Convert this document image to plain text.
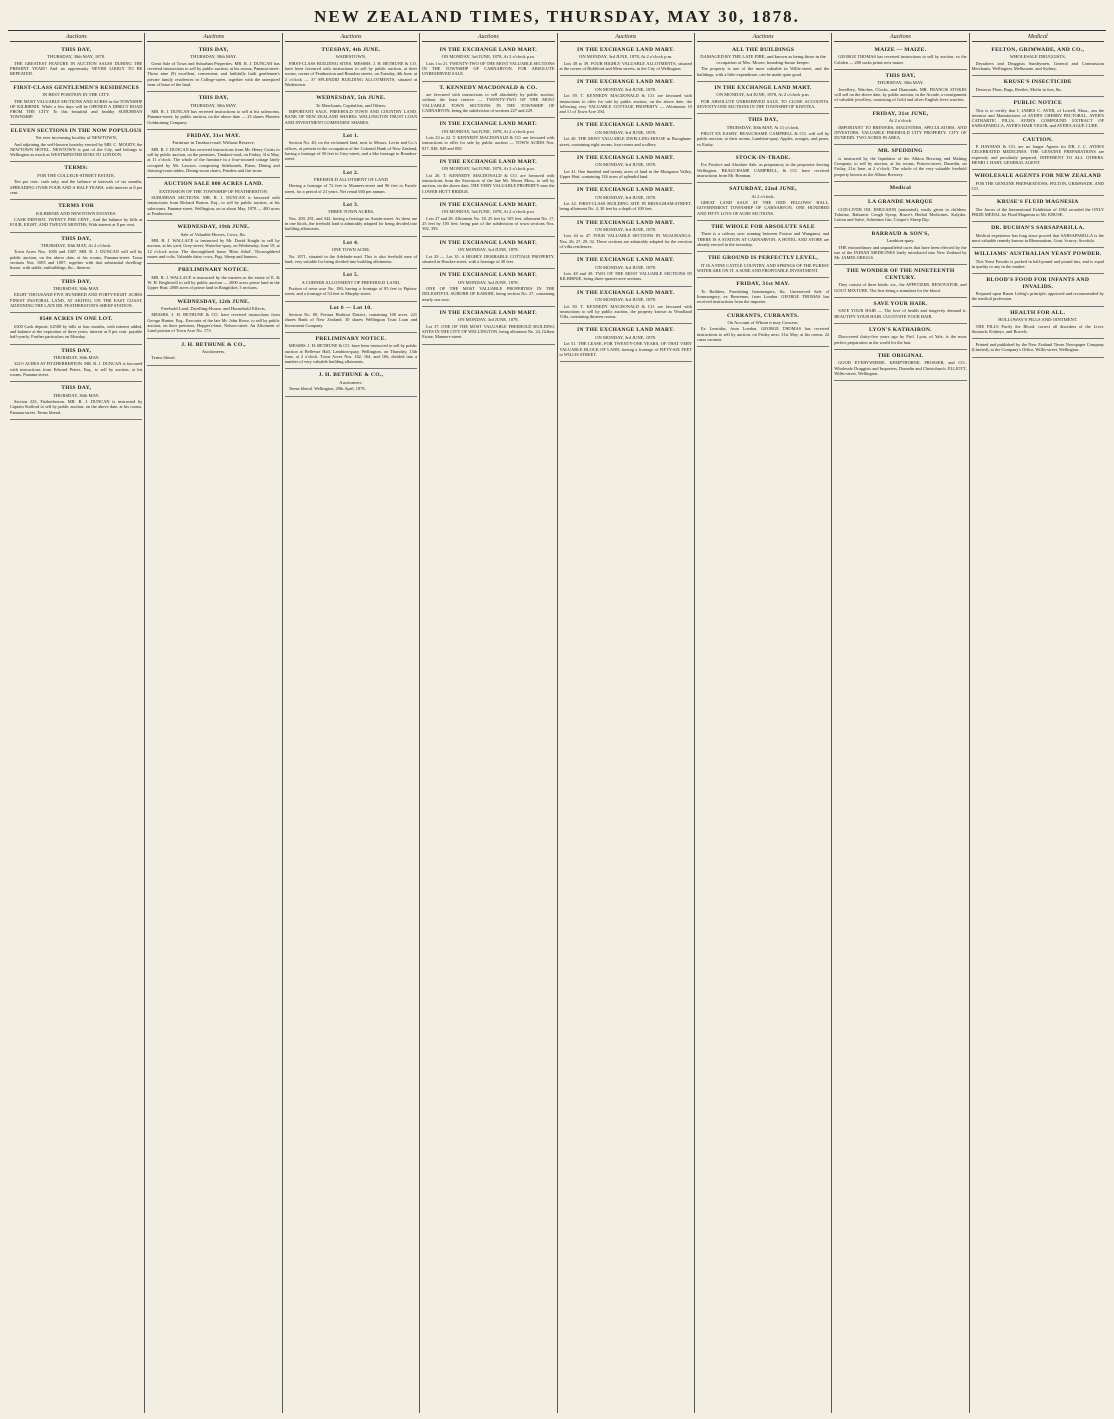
NEW ZEALAND TIMES, THURSDAY, MAY 30, 1878.
Auctions
THIS DAY,
THURSDAY, 30th MAY, 1878.

THE GREATEST FEATURE IN AUCTION SALES DURING THE PRESENT YEAR!! And an opportunity NEVER LIKELY TO BE REPEATED.

FIRST-CLASS GENTLEMEN'S RESIDENCES
IN BEST POSITION IN THE CITY.

THE MOST VALUABLE SECTIONS AND ACRES in the TOWNSHIP OF KILBIRNIE. While a few days will be OPENED A DIRECT ROAD FROM THE CITY To this beautiful and healthy SUBURBAN TOWNSHIP.

ELEVEN SECTIONS IN THE NOW POPULOUS
Yet ever increasing locality of NEWTOWN,

And adjoining the well-known hostelry erected by MR. C. MOODY, the NEWTOWN HOTEL. NEWTOWN is part of the City, and belongs to Wellington as much as WESTMINSTER DOES TO LONDON.

TERMS:
FOR THE COLLEGE-STREET ESTATE,

Ten per cent. cash only, and the balance at intervals of six months, SPREADING OVER FOUR AND A HALF YEARS, with interest at 8 per cent.

TERMS FOR
KILBIRNIE AND NEWTOWN ESTATES:

CASH DEPOSIT, TWENTY PER CENT., And the balance by bills at FOUR, EIGHT, AND TWELVE MONTHS, With interest at 8 per cent.

THIS DAY,
THURSDAY, 30th MAY, At 2 o'clock.

Town Acres Nos. 1005 and 1007. MR. R. J. DUNCAN will sell by public auction, on the above date, at his rooms, Panama-street. Town sections Nos. 1005 and 1007, together with that substantial dwelling-house, with stable, outbuildings, &c., thereon.

THIS DAY,
THURSDAY, 30th MAY.

EIGHT THOUSAND FIVE HUNDRED AND FORTY-EIGHT ACRES FINEST PASTORAL LAND, AT AKITEO, ON THE EAST COAST, ADJOINING THE LATE DR. FEATHERSTON'S SHEEP STATION.

8548 ACRES IN ONE LOT.

£500 Cash deposit; £2500 by bills at four months, with interest added, and balance at the expiration of three years; interest at 8 per cent. payable half-yearly. Further particulars on Monday.

THIS DAY,
THURSDAY, 30th MAY.

322½ ACRES AT FITZHERBERTON. MR. R. J. DUNCAN is favoured with instructions from Edward Peters, Esq., to sell by auction, at his rooms, Panama-street.

THIS DAY,
THURSDAY, 30th MAY.

Section 223, Fitzherberton. MR. R. J. DUNCAN is instructed by Captain Stafford to sell by public auction, on the above date, at his rooms, Panama-street. Terms liberal.

Auctions
THIS DAY,
THURSDAY, 30th MAY.

Great Sale of Town and Suburban Properties. MR. R. J. DUNCAN has received instructions to sell by public auction, at his rooms, Panama-street. Those nine (9) excellent, convenient, and faithfully built gentlemen's private family residences in College-street, together with the unexpired term of lease of the land.

THIS DAY,
THURSDAY, 30th MAY.

MR. R. J. DUNCAN has received instructions to sell at his salerooms, Panama-street, by public auction, on the above date — 23 shares Phoenix Goldmining Company.

FRIDAY, 31st MAY.
Furniture in Tinakori-road. Without Reserve.

MR. R. J. DUNCAN has received instructions from Mr. Henry Curtis to sell by public auction, on the premises, Tinakori-road, on Friday, 31st May, at 11 o'clock. The whole of the furniture in a four-roomed cottage lately occupied by Mr. Lawson, comprising Sideboards, Piano, Dining and drawing-room tables, Dining-room chairs, Fenders and fire-irons.

AUCTION SALE 800 ACRES LAND.
EXTENSION OF THE TOWNSHIP OF FEATHERSTON.

SUBURBAN SECTIONS. MR. R. J. DUNCAN is favoured with instructions from Richard Barton, Esq., to sell by public auction, at his salerooms, Panama-street, Wellington, on or about May, 1878 — 400 acres at Featherston.

WEDNESDAY, 19th JUNE.
Sale of Valuable Horses, Cows, &c.

MR. R. J. WALLACE is instructed by Mr. David Knight to sell by auction, at his yard, Grey-street, Waterloo-quay, on Wednesday, June 19, at 12 o'clock noon. The thoroughbred horse 'Blair Athol', Thoroughbred mares and colts, Valuable dairy cows, Pigs, Sheep and harness.

PRELIMINARY NOTICE.

MR. R. J. WALLACE is instructed by the trustees in the estate of E. & W. H. Brightwell to sell by public auction — 2000 acres prime land in the Upper Hutt; 2000 acres of prime land in Rangitikei; 3 sections.

WEDNESDAY, 12th JUNE.
Freehold Land, Dwelling-House, and Household Effects.

MESSRS. J. H. BETHUNE & CO. have received instructions from George Hunter, Esq., Executor of the late Mr. John Howe, to sell by public auction, on their premises, Hopper's-lane, Nelson-street. An Allotment of Land portion of Town Acre No. 173.

J. H. BETHUNE & CO.,
Auctioneers.

Terms liberal.

Auctions
TUESDAY, 4th JUNE.
WADESTOWN.

FIRST-CLASS BUILDING SITES. MESSRS. J. H. BETHUNE & CO. have been favoured with instructions to sell by public auction, at their rooms, corner of Featherston and Brandon streets, on Tuesday, 4th June, at 2 o'clock — 37 SPLENDID BUILDING ALLOTMENTS, situated at Wadestown.

WEDNESDAY, 5th JUNE.
To Merchants, Capitalists, and Others.

IMPORTANT SALE. FREEHOLD TOWN AND COUNTRY LAND. BANK OF NEW ZEALAND SHARES. WELLINGTON TRUST LOAN AND INVESTMENT COMPANIES' SHARES.

Lot 1.

Section No. 40, on the reclaimed land, next to Messrs. Levin and Co.'s offices, at present in the occupation of the Colonial Bank of New Zealand, having a frontage of 50 feet to Grey-street, and a like frontage to Brandon-street.

Lot 2.
FREEHOLD ALLOTMENT OF LAND

Having a frontage of 72 feet to Manners-street and 96 feet to Farish-street, for a period of 21 years. Net rental £60 per annum.

Lot 3.
THREE TOWN ACRES,

Nos. 290, 291, and 342, having a frontage on Austin-street. As these are in one block, the freehold land is admirably adapted for being divided into building allotments.

Lot 4.
ONE TOWN ACRE,

No. 1071, situated in the Adelaide-road. This is also freehold ease of land, very suitable for being divided into building allotments.

Lot 5.
A CORNER ALLOTMENT OF FREEHOLD LAND,

Portion of town acre No. 180, having a frontage of 85 feet to Pipitea-street, and a frontage of 54 feet to Murphy-street.

Lot 6 — Lot 10.

Section No. 80, Porirua Harbour District, containing 100 acres. 221 shares Bank of New Zealand. 30 shares Wellington Trust Loan and Investment Company.

PRELIMINARY NOTICE.

MESSRS. J. H. BETHUNE & CO. have been instructed to sell by public auction at Bellevue Hall, Lambton-quay, Wellington, on Thursday, 13th June, at 2 o'clock. Town Acres Nos. 162, 164, and 166, divided into a number of very valuable building allotments.

J. H. BETHUNE & CO.,
Auctioneers.

Terms liberal. Wellington, 29th April, 1878.

Auctions
IN THE EXCHANGE LAND MART.
ON MONDAY, 3rd JUNE, 1878, At 2 o'clock p.m.

Lots 1 to 21. TWENTY-TWO OF THE MOST VALUABLE SECTIONS IN THE TOWNSHIP OF CARNARVON. FOR ABSOLUTE UNRESERVED SALE.

T. KENNEDY MACDONALD & CO.

are favoured with instructions to sell absolutely by public auction, without the least reserve — TWENTY-TWO OF THE MOST VALUABLE TOWN SECTIONS IN THE TOWNSHIP OF CARNARVON, being the subdivision of sections 227 and 229.

IN THE EXCHANGE LAND MART.
ON MONDAY, 3rd JUNE, 1878, At 2 o'clock p.m.

Lots 23 to 22. T. KENNEDY MACDONALD & CO. are favoured with instructions to offer for sale by public auction — TOWN ACRES Nos. 817, 848, 849 and 850.

IN THE EXCHANGE LAND MART.
ON MONDAY, 3rd JUNE, 1878, At 2 o'clock p.m.

Lot 26. T. KENNEDY MACDONALD & CO. are favoured with instructions from the Executors of the late Mr. Moses Moss, to sell by auction, on the above date, THE VERY VALUABLE PROPERTY near the LOWER HUTT BRIDGE.

IN THE EXCHANGE LAND MART.
ON MONDAY, 3rd JUNE, 1878, At 2 o'clock p.m.

Lots 27 and 28. Allotment No. 18, 25 feet by 105 feet; allotment No. 17, 25 feet by 105 feet; being part of the subdivision of town sections Nos. 392, 393.

IN THE EXCHANGE LAND MART.
ON MONDAY, 3rd JUNE, 1878.

Lot 29 — Lot 35. A HIGHLY DESIRABLE COTTAGE PROPERTY, situated in Hawker-street, with a frontage of 40 feet.

IN THE EXCHANGE LAND MART.
ON MONDAY, 3rd JUNE, 1878.

ONE OF THE MOST VALUABLE PROPERTIES IN THE DELIGHTFUL SUBURB OF KAROBI, being section No. 27, containing nearly one acre.

IN THE EXCHANGE LAND MART.
ON MONDAY, 3rd JUNE, 1878.

Lot 37. ONE OF THE MOST VALUABLE FREEHOLD BUILDING SITES IN THE CITY OF WELLINGTON, being allotment No. 24, Gilbert Estate, Manners-street.

Auctions
IN THE EXCHANGE LAND MART.
ON MONDAY, 3rd JUNE, 1878, At 2 o'clock p.m.

Lots 38 to 39. FOUR HIGHLY VALUABLE ALLOTMENTS, situated at the corner of Riddiford and Mein streets, in the City of Wellington.

IN THE EXCHANGE LAND MART.
ON MONDAY, 3rd JUNE, 1878.

Lot 39. T. KENNEDY MACDONALD & CO. are favoured with instructions to offer for sale by public auction, on the above date, the following very VALUABLE COTTAGE PROPERTY — Allotments 10 and 11 of Town Acre 294.

IN THE EXCHANGE LAND MART.
ON MONDAY, 3rd JUNE, 1878.

Lot 40. THE MOST VALUABLE DWELLING-HOUSE in Brougham-street, containing eight rooms, four rooms and scullery.

IN THE EXCHANGE LAND MART.
ON MONDAY, 3rd JUNE, 1878.

Lot 41. One hundred and twenty acres of land in the Mungaroa Valley, Upper Hutt, containing 126 acres of splendid land.

IN THE EXCHANGE LAND MART.
ON MONDAY, 3rd JUNE, 1878.

Lot 42. FIRST-CLASS BUILDING SITE IN BROUGHAM-STREET, being allotment No. 4, 30 feet by a depth of 100 feet.

IN THE EXCHANGE LAND MART.
ON MONDAY, 3rd JUNE, 1878.

Lots 44 to 47. FOUR VALUABLE SECTIONS IN NGAURANGA. Nos. 26, 27, 29, 32. These sections are admirably adapted for the erection of villa residences.

IN THE EXCHANGE LAND MART.
ON MONDAY, 3rd JUNE, 1878.

Lots 48 and 49. TWO OF THE MOST VALUABLE SECTIONS IN KILBIRNIE, being three-quarter-acre sections.

IN THE EXCHANGE LAND MART.
ON MONDAY, 3rd JUNE, 1878.

Lot 50. T. KENNEDY MACDONALD & CO. are favoured with instructions to sell by public auction, the property known as Woodland Villa, containing thirteen rooms.

IN THE EXCHANGE LAND MART.
ON MONDAY, 3rd JUNE, 1878.

Lot 51. THE LEASE, FOR TWENTY-ONE YEARS, OF THAT VERY VALUABLE BLOCK OF LAND, having a frontage of FIFTY-SIX FEET to WILLIS STREET.

Auctions
ALL THE BUILDINGS
DAMAGED BY THE LATE FIRE, and known as being those in the occupation of Mrs. Moore, boarding-house keeper.

The property is one of the most valuable in Willis-street, and the buildings, with a little expenditure, can be made quite good.

IN THE EXCHANGE LAND MART.
ON MONDAY, 3rd JUNE, 1878, At 2 o'clock p.m.

FOR ABSOLUTE UNRESERVED SALE. TO CLOSE ACCOUNTS. SEVENTY-ONE SECTIONS IN THE TOWNSHIP OF KIWITEA.

THIS DAY,
THURSDAY, 30th MAY, At 11 o'clock.

FRUIT EX EASBY. BEAUCHAMP, CAMPBELL & CO. will sell by public auction, at their rooms, Lambton-quay, Apples, oranges, and pears, ex Easby.

STOCK-IN-TRADE.

For Positive and Absolute Sale, as preparatory to the proprietor leaving Wellington. BEAUCHAMP, CAMPBELL, & CO. have received instructions from Mr. Brennan.

SATURDAY, 22nd JUNE,
At 2 o'clock.

GREAT LAND SALE AT THE ODD FELLOWS' HALL. GOVERNMENT TOWNSHIP OF CARNARVON. ONE HUNDRED AND FIFTY LOTS OF ACRE SECTIONS.

THE WHOLE FOR ABSOLUTE SALE

There is a railway now running between Foxton and Wanganui, and THERE IS A STATION AT CARNARVON. A HOTEL AND STORE are already erected in the township.

THE GROUND IS PERFECTLY LEVEL,

IT IS A FINE CATTLE COUNTRY, AND SPRINGS OF THE PUREST WATER ARE ON IT. A SURE AND PROFITABLE INVESTMENT.

FRIDAY, 31st MAY.

To Builders, Furnishing Ironmongers, &c. Unreserved Sale of Ironmongery, ex Benvenue, from London. GEORGE THOMAS has received instructions from the importer.

CURRANTS, CURRANTS.
On Account of Whom it may Concern.

Ex Leonidas, from London. GEORGE THOMAS has received instructions to sell by auction, on Friday next, 31st May, at his rooms, 22 cases currants.

Auctions
MAIZE — MAIZE.

GEORGE THOMAS has received instructions to sell by auction, ex the Cobden — 200 sacks prime new maize.

THIS DAY,
THURSDAY, 30th MAY.

Jewellery, Watches, Clocks, and Diamonds. MR. FRANCIS STOKES will sell on the above date, by public auction, in the Arcade, a consignment of valuable jewellery, consisting of Gold and silver English lever watches.

FRIDAY, 31st JUNE,
At 2 o'clock.

IMPORTANT TO BREWERS, MALTSTERS, SPECULATORS, AND INVESTORS. VALUABLE FREEHOLD CITY PROPERTY. CITY OF DUNEDIN. TWO ACRES IN AREA.

MR. SPEDDING

is instructed by the liquidator of the Albion Brewing and Malting Company, to sell by auction, at his rooms, Princes-street, Dunedin, on Friday, 21st June, at 2 o'clock. The whole of the very valuable freehold property known as the Albion Brewery.

Medical

LA GRANDE MARQUE

COD-LIVER OIL EMULSION (untainted), easily given to children. Tolutine, Balsamic Cough Syrup, Bruce's Herbal Medicines, Kalydor, Lotion and Salve, Schiedam Gin, Cooper's Sheep Dip.

BARRAUD & SON'S,
Lambton-quay.

THE extraordinary and unparalleled cures that have been effected by the use of the INDIAN MEDICINES lately introduced into New Zealand by Mr. JAMES GRIGGS.

THE WONDER OF THE NINETEENTH CENTURY.

They consist of three kinds, viz., the APPETIZER, RENOVATOR, and GOUT MIXTURE. The first being a stimulant for the blood.

SAVE YOUR HAIR.

SAVE YOUR HAIR — The love of health and longevity demand it. BEAUTIFY YOUR HAIR. CULTIVATE YOUR HAIR.

LYON'S KATHAIRON.

Discovered thirty-five years ago by Prof. Lyon, of Yale, is the most perfect preparation in the world for the hair.

THE ORIGINAL

GOOD EVERYWHERE. KEMPTHORNE, PROSSER, and CO., Wholesale Druggists and Importers, Dunedin and Christchurch. ELLIOTT, Willis-street, Wellington.

Medical
FELTON, GRIMWADE, AND CO.,
WHOLESALE DRUGGISTS,

Drysalters and Druggists Sundrymen, General and Commission Merchants, Wellington, Melbourne, and Sydney.

KRUSE'S INSECTICIDE

Destroys Fleas, Bugs, Beetles, Moths in furs, &c.

PUBLIC NOTICE

This is to certify that I, JAMES C. AYER, of Lowell, Mass., am the inventor and Manufacturer of AYER'S CHERRY PECTORAL, AYER'S CATHARTIC PILLS, AYER'S COMPOUND EXTRACT OF SARSAPARILLA, AYER'S HAIR VIGOR, and AYER'S AGUE CURE.

CAUTION.

P. HAYMAN & CO. are no longer Agents for DR. J. C. AYER'S CELEBRATED MEDICINES. THE GENUINE PREPARATIONS are expressly and peculiarly prepared, DIFFERENT TO ALL OTHERS. HENRI J. HART, GENERAL AGENT.

WHOLESALE AGENTS FOR NEW ZEALAND

FOR THE GENUINE PREPARATIONS, FELTON, GRIMWADE, AND CO.

KRUSE'S FLUID MAGNESIA

The Jurors of the International Exhibition of 1862 awarded the ONLY PRIZE MEDAL for Fluid Magnesia to Mr. KRUSE.

DR. BUCHAN'S SARSAPARILLA.

Medical experience has long since proved that SARSAPARILLA is the most valuable remedy known in Rheumatism, Gout, Scurvy, Scrofula.

WILLIAMS' AUSTRALIAN YEAST POWDER.

This Yeast Powder is packed in half-pound and pound tins, and is equal in quality to any in the market.

BLOOD'S FOOD FOR INFANTS AND INVALIDS.

Prepared upon Baron Liebig's principle; approved and recommended by the medical profession.

HEALTH FOR ALL.
HOLLOWAY'S PILLS AND OINTMENT.

THE PILLS Purify the Blood, correct all disorders of the Liver, Stomach, Kidneys, and Bowels.

Printed and published by the New Zealand Times Newspaper Company (Limited), at the Company's Office, Willis-street, Wellington.
